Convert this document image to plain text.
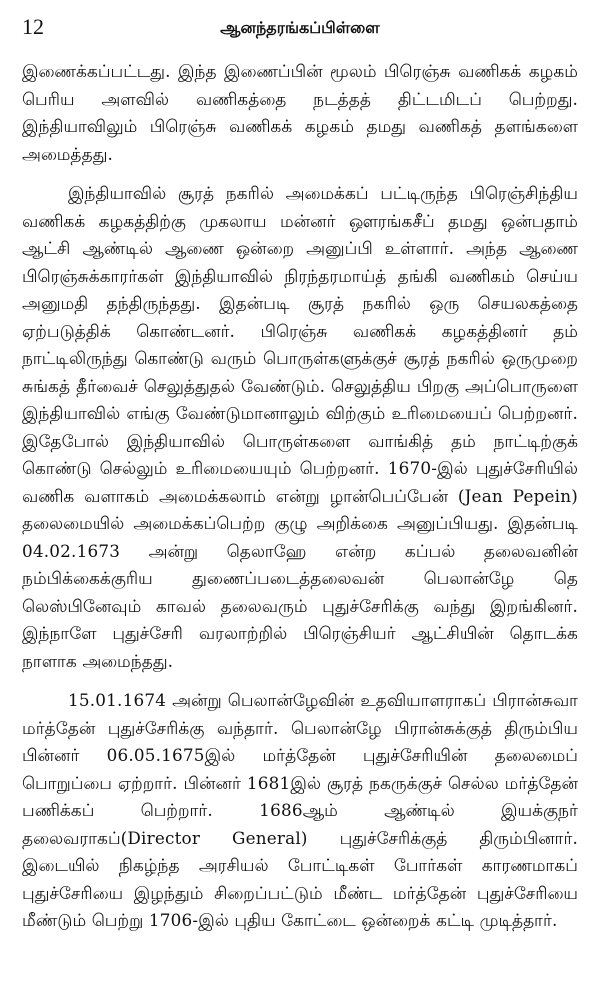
12	ஆனந்தரங்கப்பிள்ளை

இணைக்கப்பட்டது. இந்த இணைப்பின் மூலம் பிரெஞ்சு வணிகக் கழகம் பெரிய அளவில் வணிகத்தை நடத்தத் திட்டமிடப் பெற்றது. இந்தியாவிலும் பிரெஞ்சு வணிகக் கழகம் தமது வணிகத் தளங்களை அமைத்தது.

இந்தியாவில் சூரத் நகரில் அமைக்கப் பட்டிருந்த பிரெஞ்சிந்திய வணிகக் கழகத்திற்கு முகலாய மன்னர் ஔரங்கசீப் தமது ஒன்பதாம் ஆட்சி ஆண்டில் ஆணை ஒன்றை அனுப்பி உள்ளார். அந்த ஆணை பிரெஞ்சுக்காரர்கள் இந்தியாவில் நிரந்தரமாய்த் தங்கி வணிகம் செய்ய அனுமதி தந்திருந்தது. இதன்படி சூரத் நகரில் ஒரு செயலகத்தை ஏற்படுத்திக் கொண்டனர். பிரெஞ்சு வணிகக் கழகத்தினர் தம் நாட்டிலிருந்து கொண்டு வரும் பொருள்களுக்குச் சூரத் நகரில் ஒருமுறை சுங்கத் தீர்வைச் செலுத்துதல் வேண்டும். செலுத்திய பிறகு அப்பொருளை இந்தியாவில் எங்கு வேண்டுமானாலும் விற்கும் உரிமையைப் பெற்றனர். இதேபோல் இந்தியாவில் பொருள்களை வாங்கித் தம் நாட்டிற்குக் கொண்டு செல்லும் உரிமையையும் பெற்றனர். 1670-இல் புதுச்சேரியில் வணிக வளாகம் அமைக்கலாம் என்று ழான்பெப்பேன் (Jean Pepein) தலைமையில் அமைக்கப்பெற்ற குழு அறிக்கை அனுப்பியது. இதன்படி 04.02.1673 அன்று தெலாஹே என்ற கப்பல் தலைவனின் நம்பிக்கைக்குரிய துணைப்படைத்தலைவன் பெலான்ழே தெ லெஸ்பினேவும் காவல் தலைவரும் புதுச்சேரிக்கு வந்து இறங்கினர். இந்நாளே புதுச்சேரி வரலாற்றில் பிரெஞ்சியர் ஆட்சியின் தொடக்க நாளாக அமைந்தது.

15.01.1674 அன்று பெலான்ழேவின் உதவியாளராகப் பிரான்சுவா மர்த்தேன் புதுச்சேரிக்கு வந்தார். பெலான்ழே பிரான்சுக்குத் திரும்பிய பின்னர் 06.05.1675இல் மர்த்தேன் புதுச்சேரியின் தலைமைப் பொறுப்பை ஏற்றார். பின்னர் 1681இல் சூரத் நகருக்குச் செல்ல மர்த்தேன் பணிக்கப் பெற்றார். 1686ஆம் ஆண்டில் இயக்குநர் தலைவராகப்(Director General) புதுச்சேரிக்குத் திரும்பினார். இடையில் நிகழ்ந்த அரசியல் போட்டிகள் போர்கள் காரணமாகப் புதுச்சேரியை இழந்தும் சிறைப்பட்டும் மீண்ட மர்த்தேன் புதுச்சேரியை மீண்டும் பெற்று 1706-இல் புதிய கோட்டை ஒன்றைக் கட்டி முடித்தார்.
